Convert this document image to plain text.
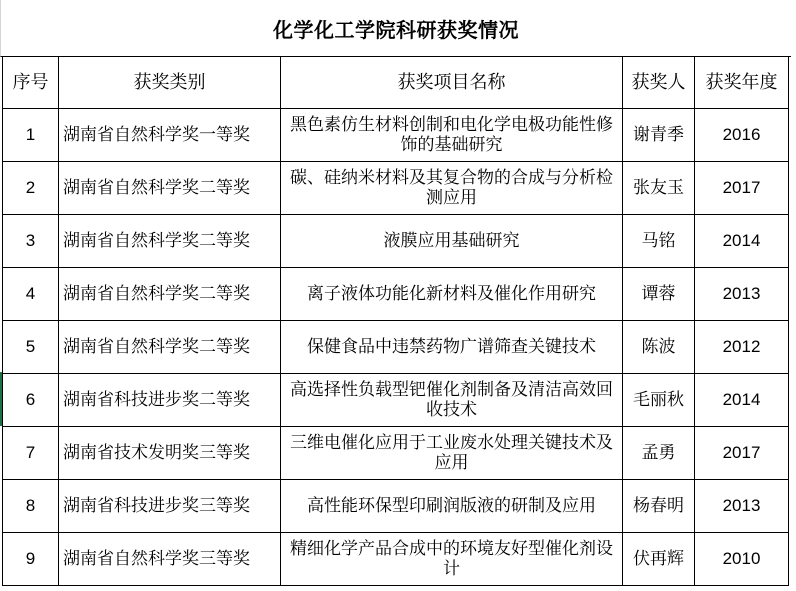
化学化工学院科研获奖情况
序号	获奖类别	获奖项目名称	获奖人	获奖年度
1	湖南省自然科学奖一等奖	黑色素仿生材料创制和电化学电极功能性修饰的基础研究	谢青季	2016
2	湖南省自然科学奖二等奖	碳、硅纳米材料及其复合物的合成与分析检测应用	张友玉	2017
3	湖南省自然科学奖二等奖	液膜应用基础研究	马铭	2014
4	湖南省自然科学奖二等奖	离子液体功能化新材料及催化作用研究	谭蓉	2013
5	湖南省自然科学奖二等奖	保健食品中违禁药物广谱筛查关键技术	陈波	2012
6	湖南省科技进步奖二等奖	高选择性负载型钯催化剂制备及清洁高效回收技术	毛丽秋	2014
7	湖南省技术发明奖三等奖	三维电催化应用于工业废水处理关键技术及应用	孟勇	2017
8	湖南省科技进步奖三等奖	高性能环保型印刷润版液的研制及应用	杨春明	2013
9	湖南省自然科学奖三等奖	精细化学产品合成中的环境友好型催化剂设计	伏再辉	2010
